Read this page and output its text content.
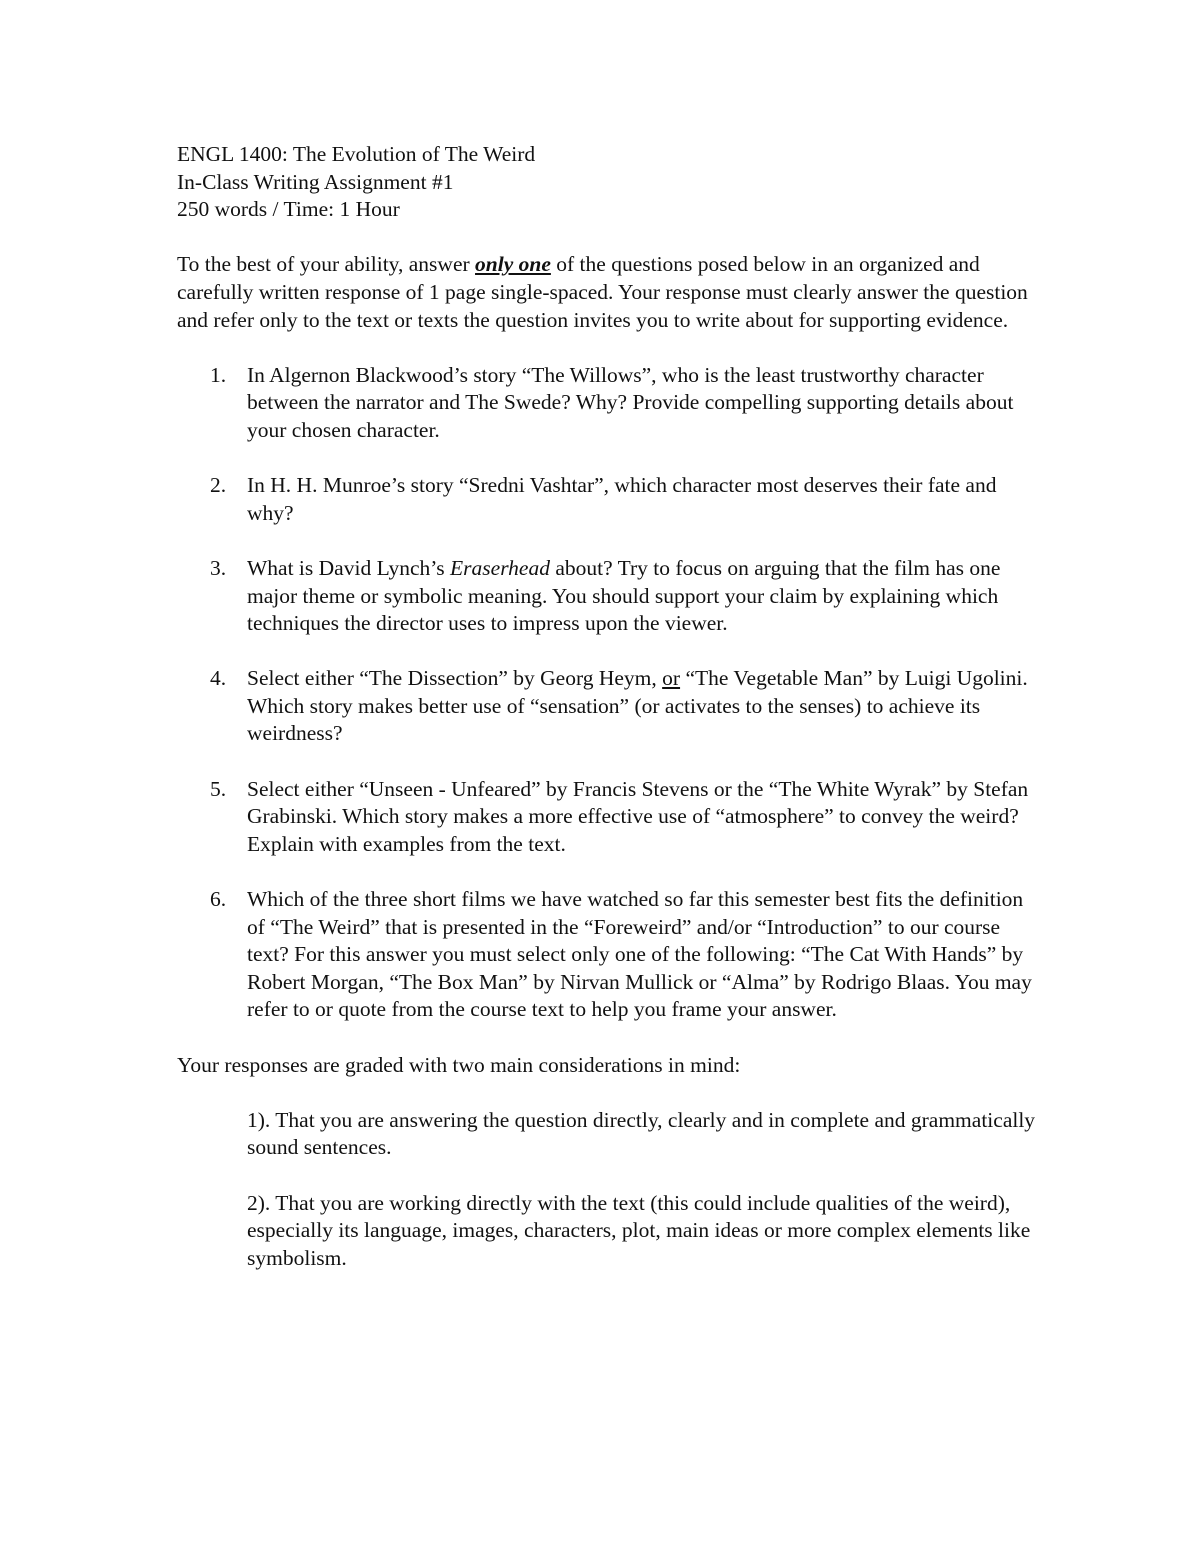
ENGL 1400: The Evolution of The Weird

In-Class Writing Assignment #1

250 words / Time: 1 Hour

To the best of your ability, answer only one of the questions posed below in an organized and carefully written response of 1 page single-spaced. Your response must clearly answer the question and refer only to the text or texts the question invites you to write about for supporting evidence.

1. In Algernon Blackwood’s story “The Willows”, who is the least trustworthy character between the narrator and The Swede? Why? Provide compelling supporting details about your chosen character.
2. In H. H. Munroe’s story “Sredni Vashtar”, which character most deserves their fate and why?
3. What is David Lynch’s Eraserhead about? Try to focus on arguing that the film has one major theme or symbolic meaning. You should support your claim by explaining which techniques the director uses to impress upon the viewer.
4. Select either “The Dissection” by Georg Heym, or “The Vegetable Man” by Luigi Ugolini. Which story makes better use of “sensation” (or activates to the senses) to achieve its weirdness?
5. Select either “Unseen - Unfeared” by Francis Stevens or the “The White Wyrak” by Stefan Grabinski. Which story makes a more effective use of “atmosphere” to convey the weird? Explain with examples from the text.
6. Which of the three short films we have watched so far this semester best fits the definition of “The Weird” that is presented in the “Foreweird” and/or “Introduction” to our course text? For this answer you must select only one of the following: “The Cat With Hands” by Robert Morgan, “The Box Man” by Nirvan Mullick or “Alma” by Rodrigo Blaas. You may refer to or quote from the course text to help you frame your answer.

Your responses are graded with two main considerations in mind:

1). That you are answering the question directly, clearly and in complete and grammatically sound sentences.

2). That you are working directly with the text (this could include qualities of the weird), especially its language, images, characters, plot, main ideas or more complex elements like symbolism.
